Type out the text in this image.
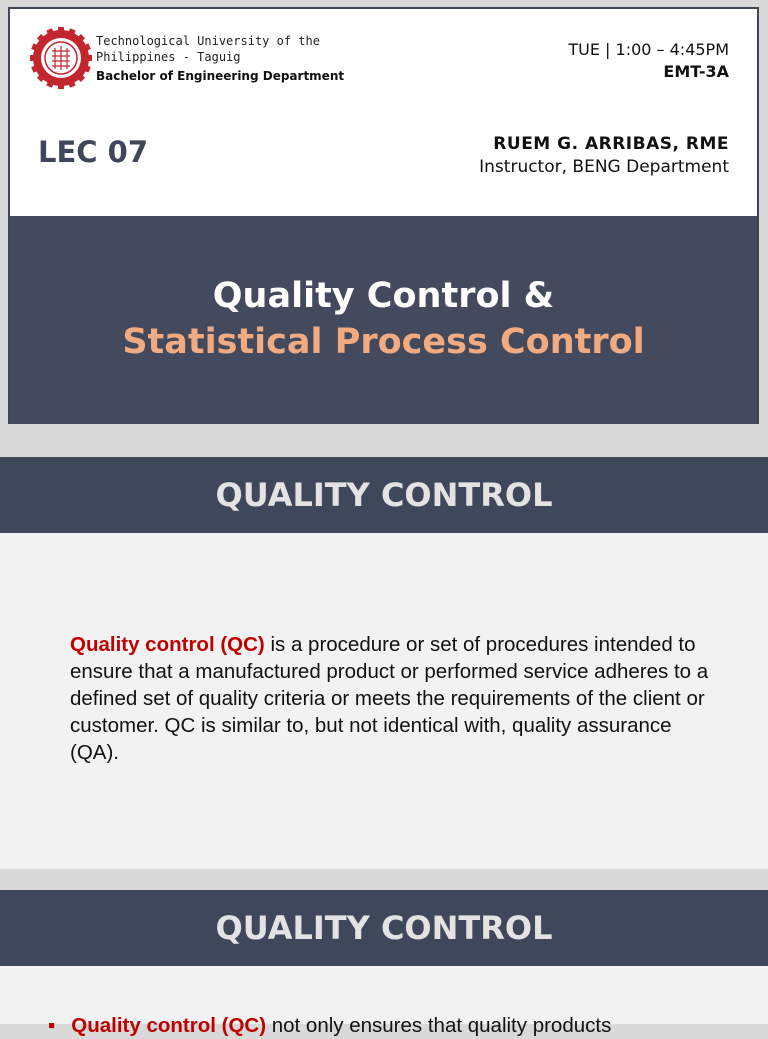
Technological University of the
Philippines - Taguig
Bachelor of Engineering Department
TUE | 1:00 – 4:45PM
EMT-3A
LEC 07	RUEM G. ARRIBAS, RME
Instructor, BENG Department
Quality Control &
Statistical Process Control
QUALITY CONTROL
Quality control (QC) is a procedure or set of procedures intended to ensure that a manufactured product or performed service adheres to a defined set of quality criteria or meets the requirements of the client or customer. QC is similar to, but not identical with, quality assurance (QA).
QUALITY CONTROL
▪ Quality control (QC) not only ensures that quality products
